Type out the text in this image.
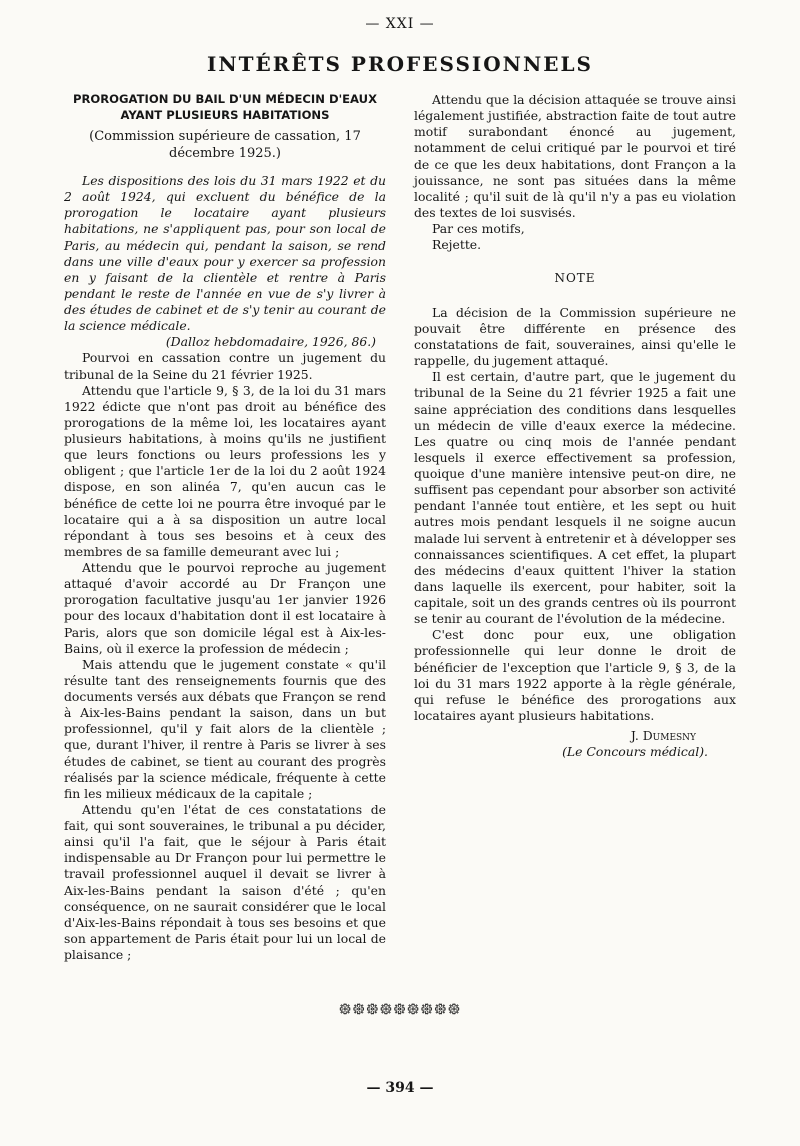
— XXI —
INTÉRÊTS PROFESSIONNELS

PROROGATION DU BAIL D'UN MÉDECIN D'EAUX
AYANT PLUSIEURS HABITATIONS

(Commission supérieure de cassation, 17 décembre 1925.)

Les dispositions des lois du 31 mars 1922 et du 2 août 1924, qui excluent du bénéfice de la prorogation le locataire ayant plusieurs habitations, ne s'appliquent pas, pour son local de Paris, au médecin qui, pendant la saison, se rend dans une ville d'eaux pour y exercer sa profession en y faisant de la clientèle et rentre à Paris pendant le reste de l'année en vue de s'y livrer à des études de cabinet et de s'y tenir au courant de la science médicale.

(Dalloz hebdomadaire, 1926, 86.)

Pourvoi en cassation contre un jugement du tribunal de la Seine du 21 février 1925.

Attendu que l'article 9, § 3, de la loi du 31 mars 1922 édicte que n'ont pas droit au bénéfice des prorogations de la même loi, les locataires ayant plusieurs habitations, à moins qu'ils ne justifient que leurs fonctions ou leurs professions les y obligent ; que l'article 1er de la loi du 2 août 1924 dispose, en son alinéa 7, qu'en aucun cas le bénéfice de cette loi ne pourra être invoqué par le locataire qui a à sa disposition un autre local répondant à tous ses besoins et à ceux des membres de sa famille demeurant avec lui ;

Attendu que le pourvoi reproche au jugement attaqué d'avoir accordé au Dr Françon une prorogation facultative jusqu'au 1er janvier 1926 pour des locaux d'habitation dont il est locataire à Paris, alors que son domicile légal est à Aix-les-Bains, où il exerce la profession de médecin ;

Mais attendu que le jugement constate « qu'il résulte tant des renseignements fournis que des documents versés aux débats que Françon se rend à Aix-les-Bains pendant la saison, dans un but professionnel, qu'il y fait alors de la clientèle ; que, durant l'hiver, il rentre à Paris se livrer à ses études de cabinet, se tient au courant des progrès réalisés par la science médicale, fréquente à cette fin les milieux médicaux de la capitale ;

Attendu qu'en l'état de ces constatations de fait, qui sont souveraines, le tribunal a pu décider, ainsi qu'il l'a fait, que le séjour à Paris était indispensable au Dr Françon pour lui permettre le travail professionnel auquel il devait se livrer à Aix-les-Bains pendant la saison d'été ; qu'en conséquence, on ne saurait considérer que le local d'Aix-les-Bains répondait à tous ses besoins et que son appartement de Paris était pour lui un local de plaisance ;

Attendu que la décision attaquée se trouve ainsi légalement justifiée, abstraction faite de tout autre motif surabondant énoncé au jugement, notamment de celui critiqué par le pourvoi et tiré de ce que les deux habitations, dont Françon a la jouissance, ne sont pas situées dans la même localité ; qu'il suit de là qu'il n'y a pas eu violation des textes de loi susvisés.

Par ces motifs,

Rejette.

NOTE

La décision de la Commission supérieure ne pouvait être différente en présence des constatations de fait, souveraines, ainsi qu'elle le rappelle, du jugement attaqué.

Il est certain, d'autre part, que le jugement du tribunal de la Seine du 21 février 1925 a fait une saine appréciation des conditions dans lesquelles un médecin de ville d'eaux exerce la médecine. Les quatre ou cinq mois de l'année pendant lesquels il exerce effectivement sa profession, quoique d'une manière intensive peut-on dire, ne suffisent pas cependant pour absorber son activité pendant l'année tout entière, et les sept ou huit autres mois pendant lesquels il ne soigne aucun malade lui servent à entretenir et à développer ses connaissances scientifiques. A cet effet, la plupart des médecins d'eaux quittent l'hiver la station dans laquelle ils exercent, pour habiter, soit la capitale, soit un des grands centres où ils pourront se tenir au courant de l'évolution de la médecine.

C'est donc pour eux, une obligation professionnelle qui leur donne le droit de bénéficier de l'exception que l'article 9, § 3, de la loi du 31 mars 1922 apporte à la règle générale, qui refuse le bénéfice des prorogations aux locataires ayant plusieurs habitations.

J. Dumesny

(Le Concours médical).

᪥᪥᪥᪥᪥᪥᪥᪥᪥
— 394 —
